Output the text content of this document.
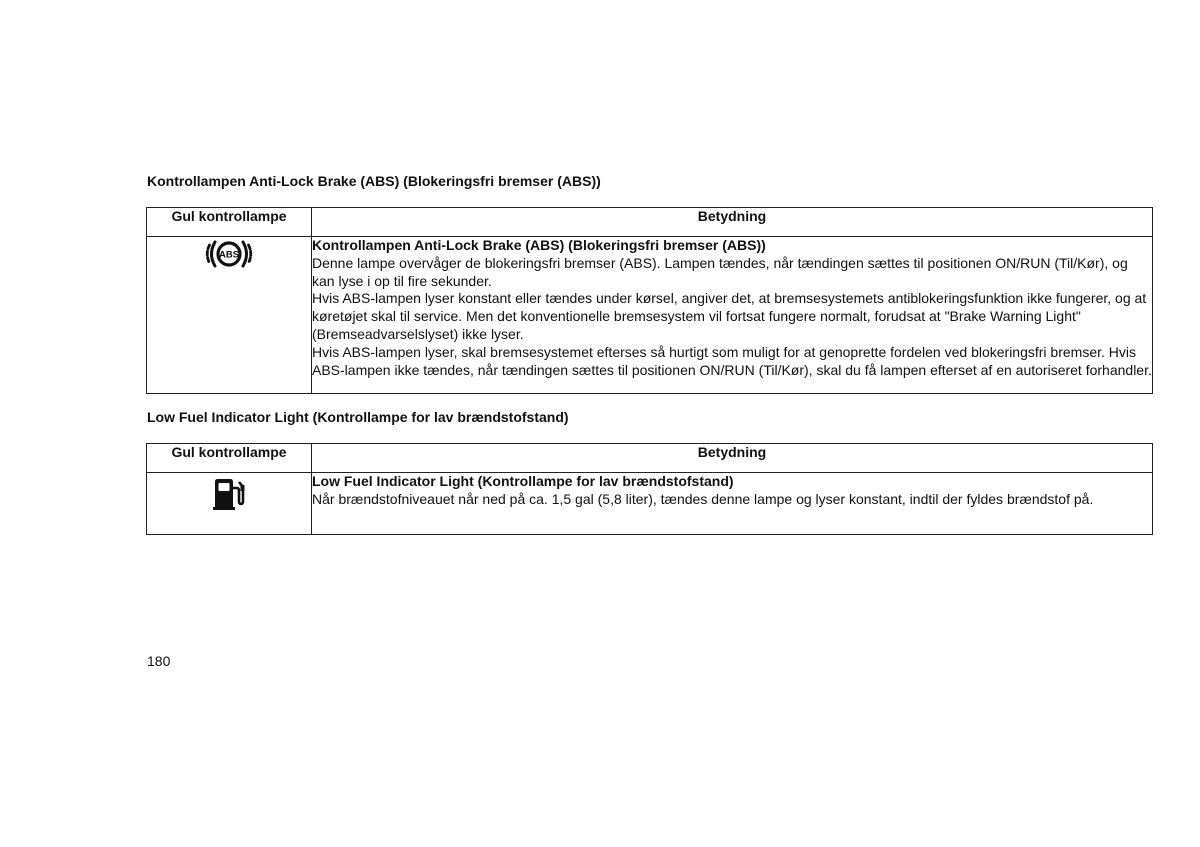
Kontrollampen Anti-Lock Brake (ABS) (Blokeringsfri bremser (ABS))
Gul kontrollampe	Betydning

ABS	Kontrollampen Anti-Lock Brake (ABS) (Blokeringsfri bremser (ABS))
Denne lampe overvåger de blokeringsfri bremser (ABS). Lampen tændes, når tændingen sættes til positionen ON/RUN (Til/Kør), og kan lyse i op til fire sekunder.
Hvis ABS-lampen lyser konstant eller tændes under kørsel, angiver det, at bremsesystemets antiblokeringsfunktion ikke fungerer, og at køretøjet skal til service. Men det konventionelle bremsesystem vil fortsat fungere normalt, forudsat at "Brake Warning Light" (Bremseadvarselslyset) ikke lyser.
Hvis ABS-lampen lyser, skal bremsesystemet efterses så hurtigt som muligt for at genoprette fordelen ved blokeringsfri bremser. Hvis ABS-lampen ikke tændes, når tændingen sættes til positionen ON/RUN (Til/Kør), skal du få lampen efterset af en autoriseret forhandler.
Low Fuel Indicator Light (Kontrollampe for lav brændstofstand)
Gul kontrollampe	Betydning

Low Fuel Indicator Light (Kontrollampe for lav brændstofstand)
Når brændstofniveauet når ned på ca. 1,5 gal (5,8 liter), tændes denne lampe og lyser konstant, indtil der fyldes brændstof på.
180
